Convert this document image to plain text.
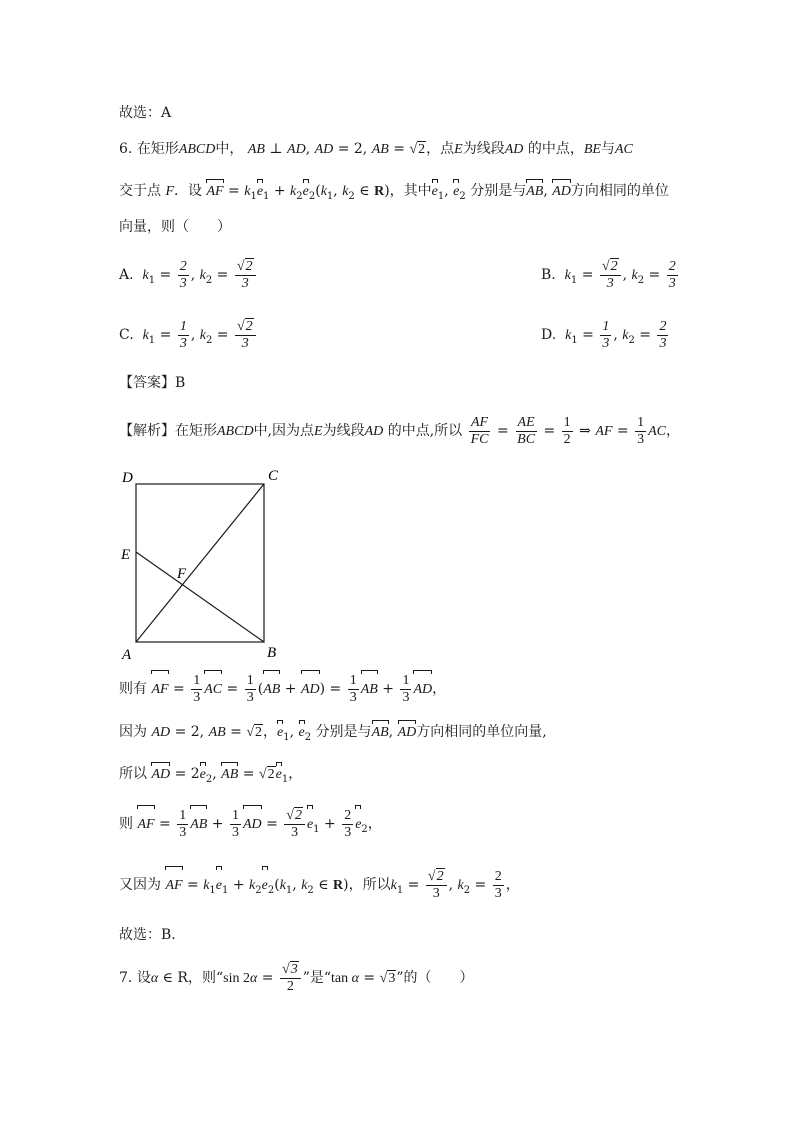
故选：A
6. 在矩形ABCD中， AB ⊥ AD, AD = 2, AB = √2，点E为线段AD 的中点，BE与AC
交于点 F．设 AF = $k_1e_1 + k_2e_2(k_1$, $k_2$ ∈ R)，其中$e_1$, $e_2$ 分别是与AB, AD方向相同的单位
向量，则（　　）
A. $k_1 = \frac{2}{3}$ , $k_2 = \frac{√2}{3}$	B. $k_1 = \frac{√2}{3}$ , $k_2 = \frac{2}{3}$
C. $k_1 = \frac{1}{3}$ , $k_2 = \frac{√2}{3}$	D. $k_1 = \frac{1}{3}$ , $k_2 = \frac{2}{3}$
【答案】B
【解析】在矩形ABCD中,因为点E为线段AD 的中点,所以 $\frac{AF}{FC} = \frac{AE}{BC} = \frac{1}{2}$ ⇒ AF = $\frac{1}{3}$ AC，
D	C
E
F
A	B
则有 AF = $\frac{1}{3}$ AC = $\frac{1}{3} (AB + AD) = \frac{1}{3}$ AB + $\frac{1}{3}$ AD，
因为 AD = 2, AB = √2，$e_1$, $e_2$ 分别是与AB, AD方向相同的单位向量,
所以 AD = $2e_2$, AB = $√2e_1$，
则 AF = $\frac{1}{3}$ AB + $\frac{1}{3}$ AD = $\frac{√2}{3} e_1 + \frac{2}{3} e_2$，
又因为 AF = $k_1e_1 + k_2e_2(k_1$, $k_2$ ∈ R)，所以$k_1 = \frac{√2}{3}$ , $k_2 = \frac{2}{3}$ ，
故选：B.
7. 设α ∈ R，则“sin $2\alpha = \frac{√3}{2}$ ”是“tan α = √3”的（　　）
